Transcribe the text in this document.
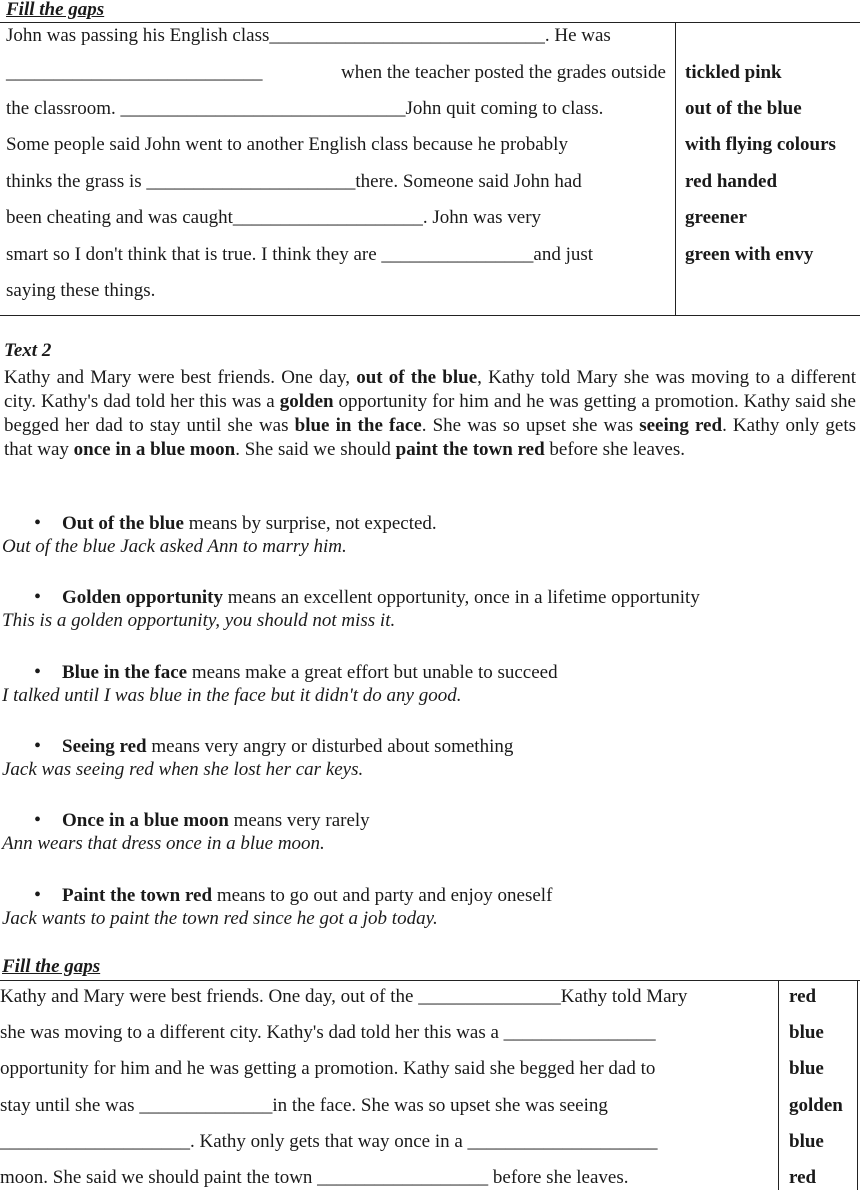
Fill the gaps
John was passing his English class_____________________________. He was
___________________________	when the teacher posted the grades outside
the classroom. ______________________________John quit coming to class.
Some people said John went to another English class because he probably
thinks the grass is ______________________there. Someone said John had
been cheating and was caught____________________. John was very
smart so I don't think that is true. I think they are ________________and just
saying these things.
tickled pink
out of the blue
with flying colours
red handed
greener
green with envy
Text 2
Kathy and Mary were best friends. One day, out of the blue, Kathy told Mary she was moving to a different city. Kathy's dad told her this was a golden opportunity for him and he was getting a promotion. Kathy said she begged her dad to stay until she was blue in the face. She was so upset she was seeing red. Kathy only gets that way once in a blue moon. She said we should paint the town red before she leaves.
• Out of the blue means by surprise, not expected.
Out of the blue Jack asked Ann to marry him.
• Golden opportunity means an excellent opportunity, once in a lifetime opportunity
This is a golden opportunity, you should not miss it.
• Blue in the face means make a great effort but unable to succeed
I talked until I was blue in the face but it didn't do any good.
• Seeing red means very angry or disturbed about something
Jack was seeing red when she lost her car keys.
• Once in a blue moon means very rarely
Ann wears that dress once in a blue moon.
• Paint the town red means to go out and party and enjoy oneself
Jack wants to paint the town red since he got a job today.
Fill the gaps
Kathy and Mary were best friends. One day, out of the _______________Kathy told Mary
she was moving to a different city. Kathy's dad told her this was a ________________
opportunity for him and he was getting a promotion. Kathy said she begged her dad to
stay until she was ______________in the face. She was so upset she was seeing
____________________. Kathy only gets that way once in a ____________________
moon. She said we should paint the town __________________ before she leaves.
red
blue
blue
golden
blue
red
